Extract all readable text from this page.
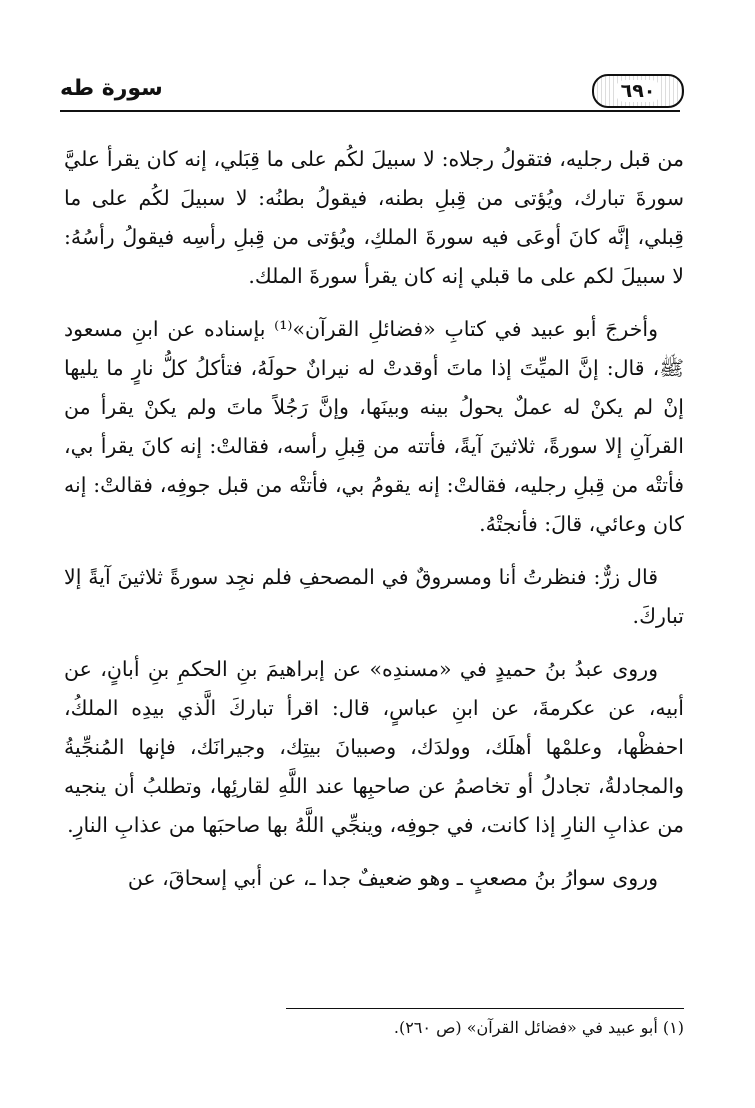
٦٩٠
سورة طه

من قبل رجليه، فتقولُ رجلاه: لا سبيلَ لكُم على ما قِبَلي، إنه كان يقرأ عليَّ سورةَ تبارك، ويُؤتى من قِبلِ بطنه، فيقولُ بطنُه: لا سبيلَ لكُم على ما قِبلي، إنَّه كانَ أوعَى فيه سورةَ الملكِ، ويُؤتى من قِبلِ رأسِه فيقولُ رأسُهُ: لا سبيلَ لكم على ما قبلي إنه كان يقرأ سورةَ الملك.

وأخرجَ أبو عبيد في كتابِ «فضائلِ القرآن»⁽¹⁾ بإسناده عن ابنِ مسعود ﷺ، قال: إنَّ الميِّتَ إذا ماتَ أوقدتْ له نيرانٌ حولَهُ، فتأكلُ كلُّ نارٍ ما يليها إنْ لم يكنْ له عملٌ يحولُ بينه وبينَها، وإنَّ رَجُلاً ماتَ ولم يكنْ يقرأ من القرآنِ إلا سورةً، ثلاثينَ آيةً، فأتته من قِبلِ رأسه، فقالتْ: إنه كانَ يقرأ بي، فأتتْه من قِبلِ رجليه، فقالتْ: إنه يقومُ بي، فأتتْه من قبل جوفِه، فقالتْ: إنه كان وعائي، قالَ: فأنجتْهُ.

قال زرٌّ: فنظرتُ أنا ومسروقٌ في المصحفِ فلم نجِد سورةً ثلاثينَ آيةً إلا تباركَ.

وروى عبدُ بنُ حميدٍ في «مسندِه» عن إبراهيمَ بنِ الحكمِ بنِ أبانٍ، عن أبيه، عن عكرمةَ، عن ابنِ عباسٍ، قال: اقرأ تباركَ الَّذي بيدِه الملكُ، احفظْها، وعلمْها أهلَك، وولدَك، وصبيانَ بيتِك، وجيرانَك، فإنها المُنجِّيةُ والمجادلةُ، تجادلُ أو تخاصمُ عن صاحبِها عند اللَّهِ لقارئِها، وتطلبُ أن ينجيه من عذابِ النارِ إذا كانت، في جوفِه، وينجِّي اللَّهُ بها صاحبَها من عذابِ النارِ.

وروى سوارُ بنُ مصعبٍ ـ وهو ضعيفٌ جدا ـ، عن أبي إسحاقَ، عن

(١) أبو عبيد في «فضائل القرآن» (ص ٢٦٠).
